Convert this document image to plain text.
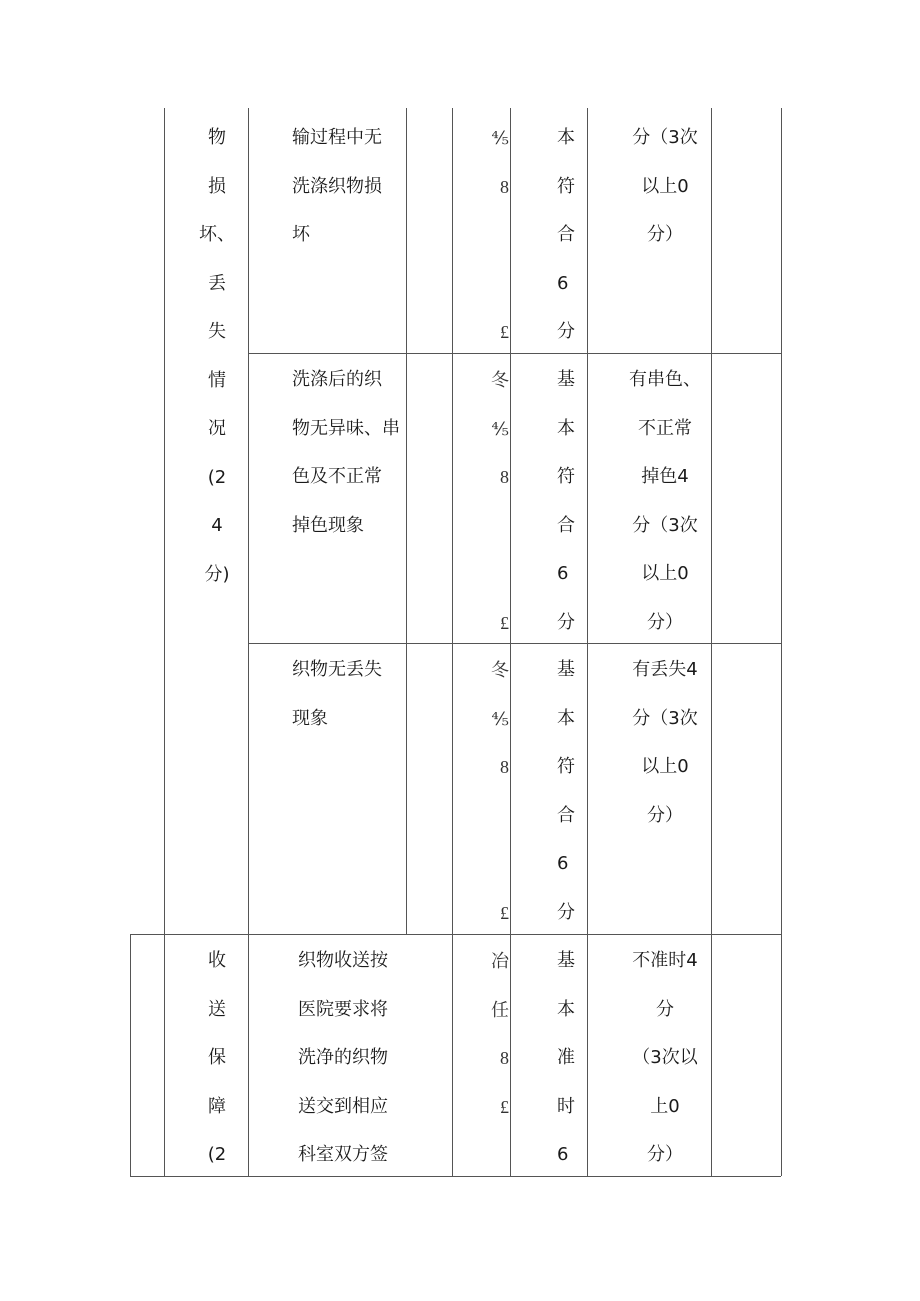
物
损
坏、
丢
失
情
况
(2
4
分)
输过程中无
洗涤织物损
坏
⅘
8
£
本
符
合
6
分
分（3次
以上0
分）
洗涤后的织
物无异味、串
色及不正常
掉色现象
冬
⅘
8
£
基
本
符
合
6
分
有串色、
不正常
掉色4
分（3次
以上0
分）
织物无丢失
现象
冬
⅘
8
£
基
本
符
合
6
分
有丢失4
分（3次
以上0
分）
收
送
保
障
(2
织物收送按
医院要求将
洗净的织物
送交到相应
科室双方签
冶
任
8
£
基
本
准
时
6
不准时4
分
（3次以
上0
分）
